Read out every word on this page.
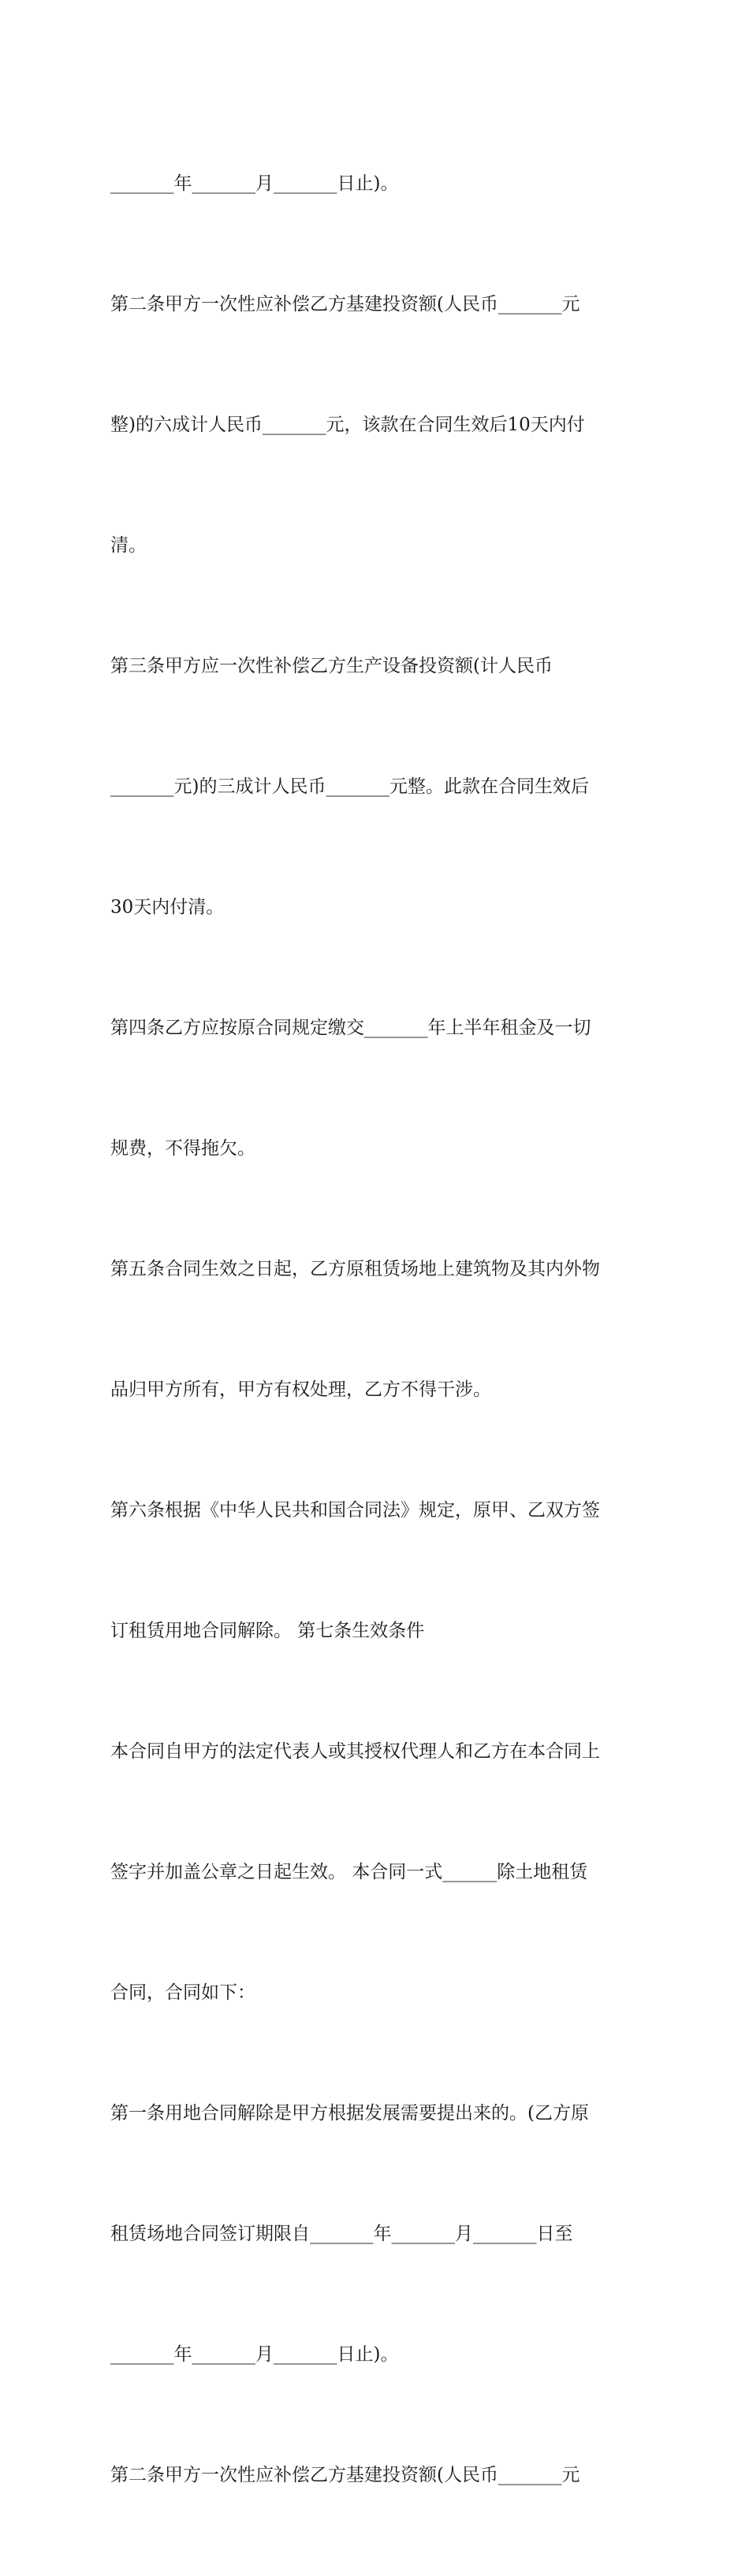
_______年_______月_______日止)。

第二条甲方一次性应补偿乙方基建投资额(人民币_______元

整)的六成计人民币_______元，该款在合同生效后10天内付

清。

第三条甲方应一次性补偿乙方生产设备投资额(计人民币

_______元)的三成计人民币_______元整。此款在合同生效后

30天内付清。

第四条乙方应按原合同规定缴交_______年上半年租金及一切

规费，不得拖欠。

第五条合同生效之日起，乙方原租赁场地上建筑物及其内外物

品归甲方所有，甲方有权处理，乙方不得干涉。

第六条根据《中华人民共和国合同法》规定，原甲、乙双方签

订租赁用地合同解除。 第七条生效条件

本合同自甲方的法定代表人或其授权代理人和乙方在本合同上

签字并加盖公章之日起生效。 本合同一式______除土地租赁

合同，合同如下：

第一条用地合同解除是甲方根据发展需要提出来的。(乙方原

租赁场地合同签订期限自_______年_______月_______日至

_______年_______月_______日止)。

第二条甲方一次性应补偿乙方基建投资额(人民币_______元
